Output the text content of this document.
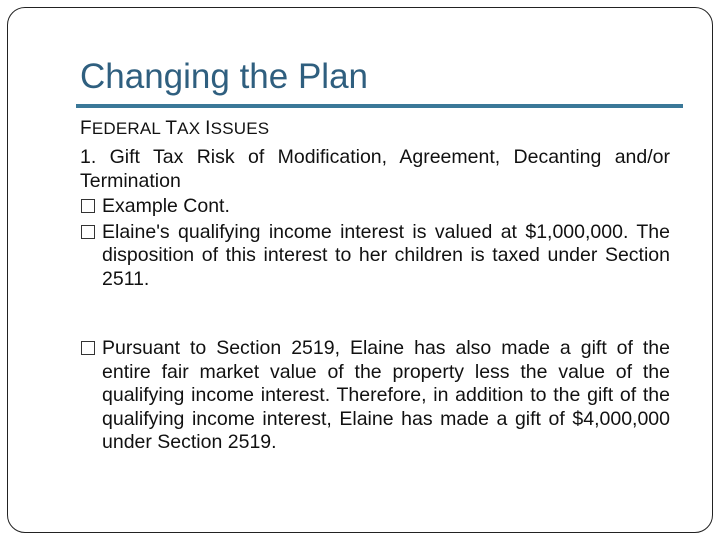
Changing the Plan
FEDERAL TAX ISSUES
1. Gift Tax Risk of Modification, Agreement, Decanting and/or Termination
Example Cont.
Elaine's qualifying income interest is valued at $1,000,000. The disposition of this interest to her children is taxed under Section 2511.
Pursuant to Section 2519, Elaine has also made a gift of the entire fair market value of the property less the value of the qualifying income interest. Therefore, in addition to the gift of the qualifying income interest, Elaine has made a gift of $4,000,000 under Section 2519.
